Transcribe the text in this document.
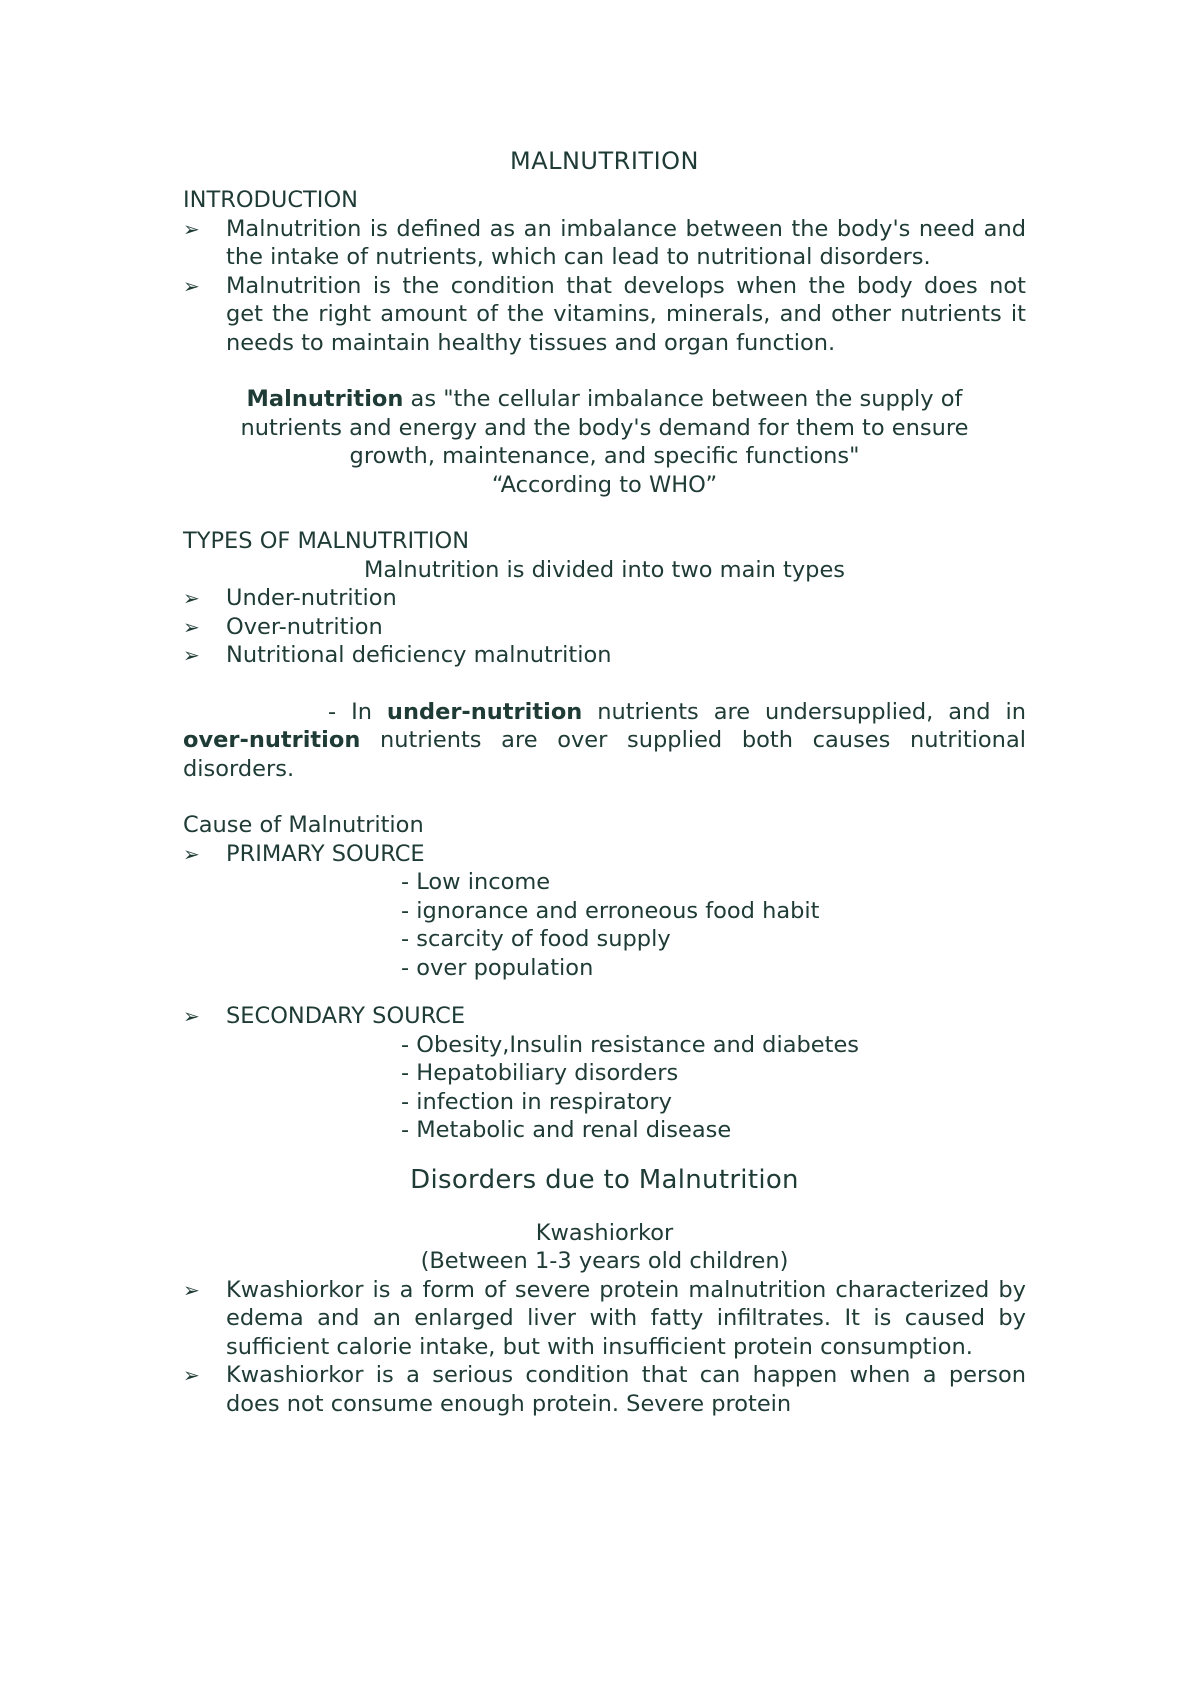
MALNUTRITION
INTRODUCTION
➢	Malnutrition is defined as an imbalance between the body's need and the intake of nutrients, which can lead to nutritional disorders.
➢	Malnutrition is the condition that develops when the body does not get the right amount of the vitamins, minerals, and other nutrients it needs to maintain healthy tissues and organ function.
Malnutrition as "the cellular imbalance between the supply of nutrients and energy and the body's demand for them to ensure growth, maintenance, and specific functions"
“According to WHO”
TYPES OF MALNUTRITION
Malnutrition is divided into two main types
➢	Under-nutrition
➢	Over-nutrition
➢	Nutritional deficiency malnutrition
- In under-nutrition nutrients are undersupplied, and in over-nutrition nutrients are over supplied both causes nutritional disorders.
Cause of Malnutrition
➢	PRIMARY SOURCE
- Low income
- ignorance and erroneous food habit
- scarcity of food supply
- over population
➢	SECONDARY SOURCE
- Obesity,Insulin resistance and diabetes
- Hepatobiliary disorders
- infection in respiratory
- Metabolic and renal disease
Disorders due to Malnutrition
Kwashiorkor
(Between 1-3 years old children)
➢	Kwashiorkor is a form of severe protein malnutrition characterized by edema and an enlarged liver with fatty infiltrates. It is caused by sufficient calorie intake, but with insufficient protein consumption.
➢	Kwashiorkor is a serious condition that can happen when a person does not consume enough protein. Severe protein
